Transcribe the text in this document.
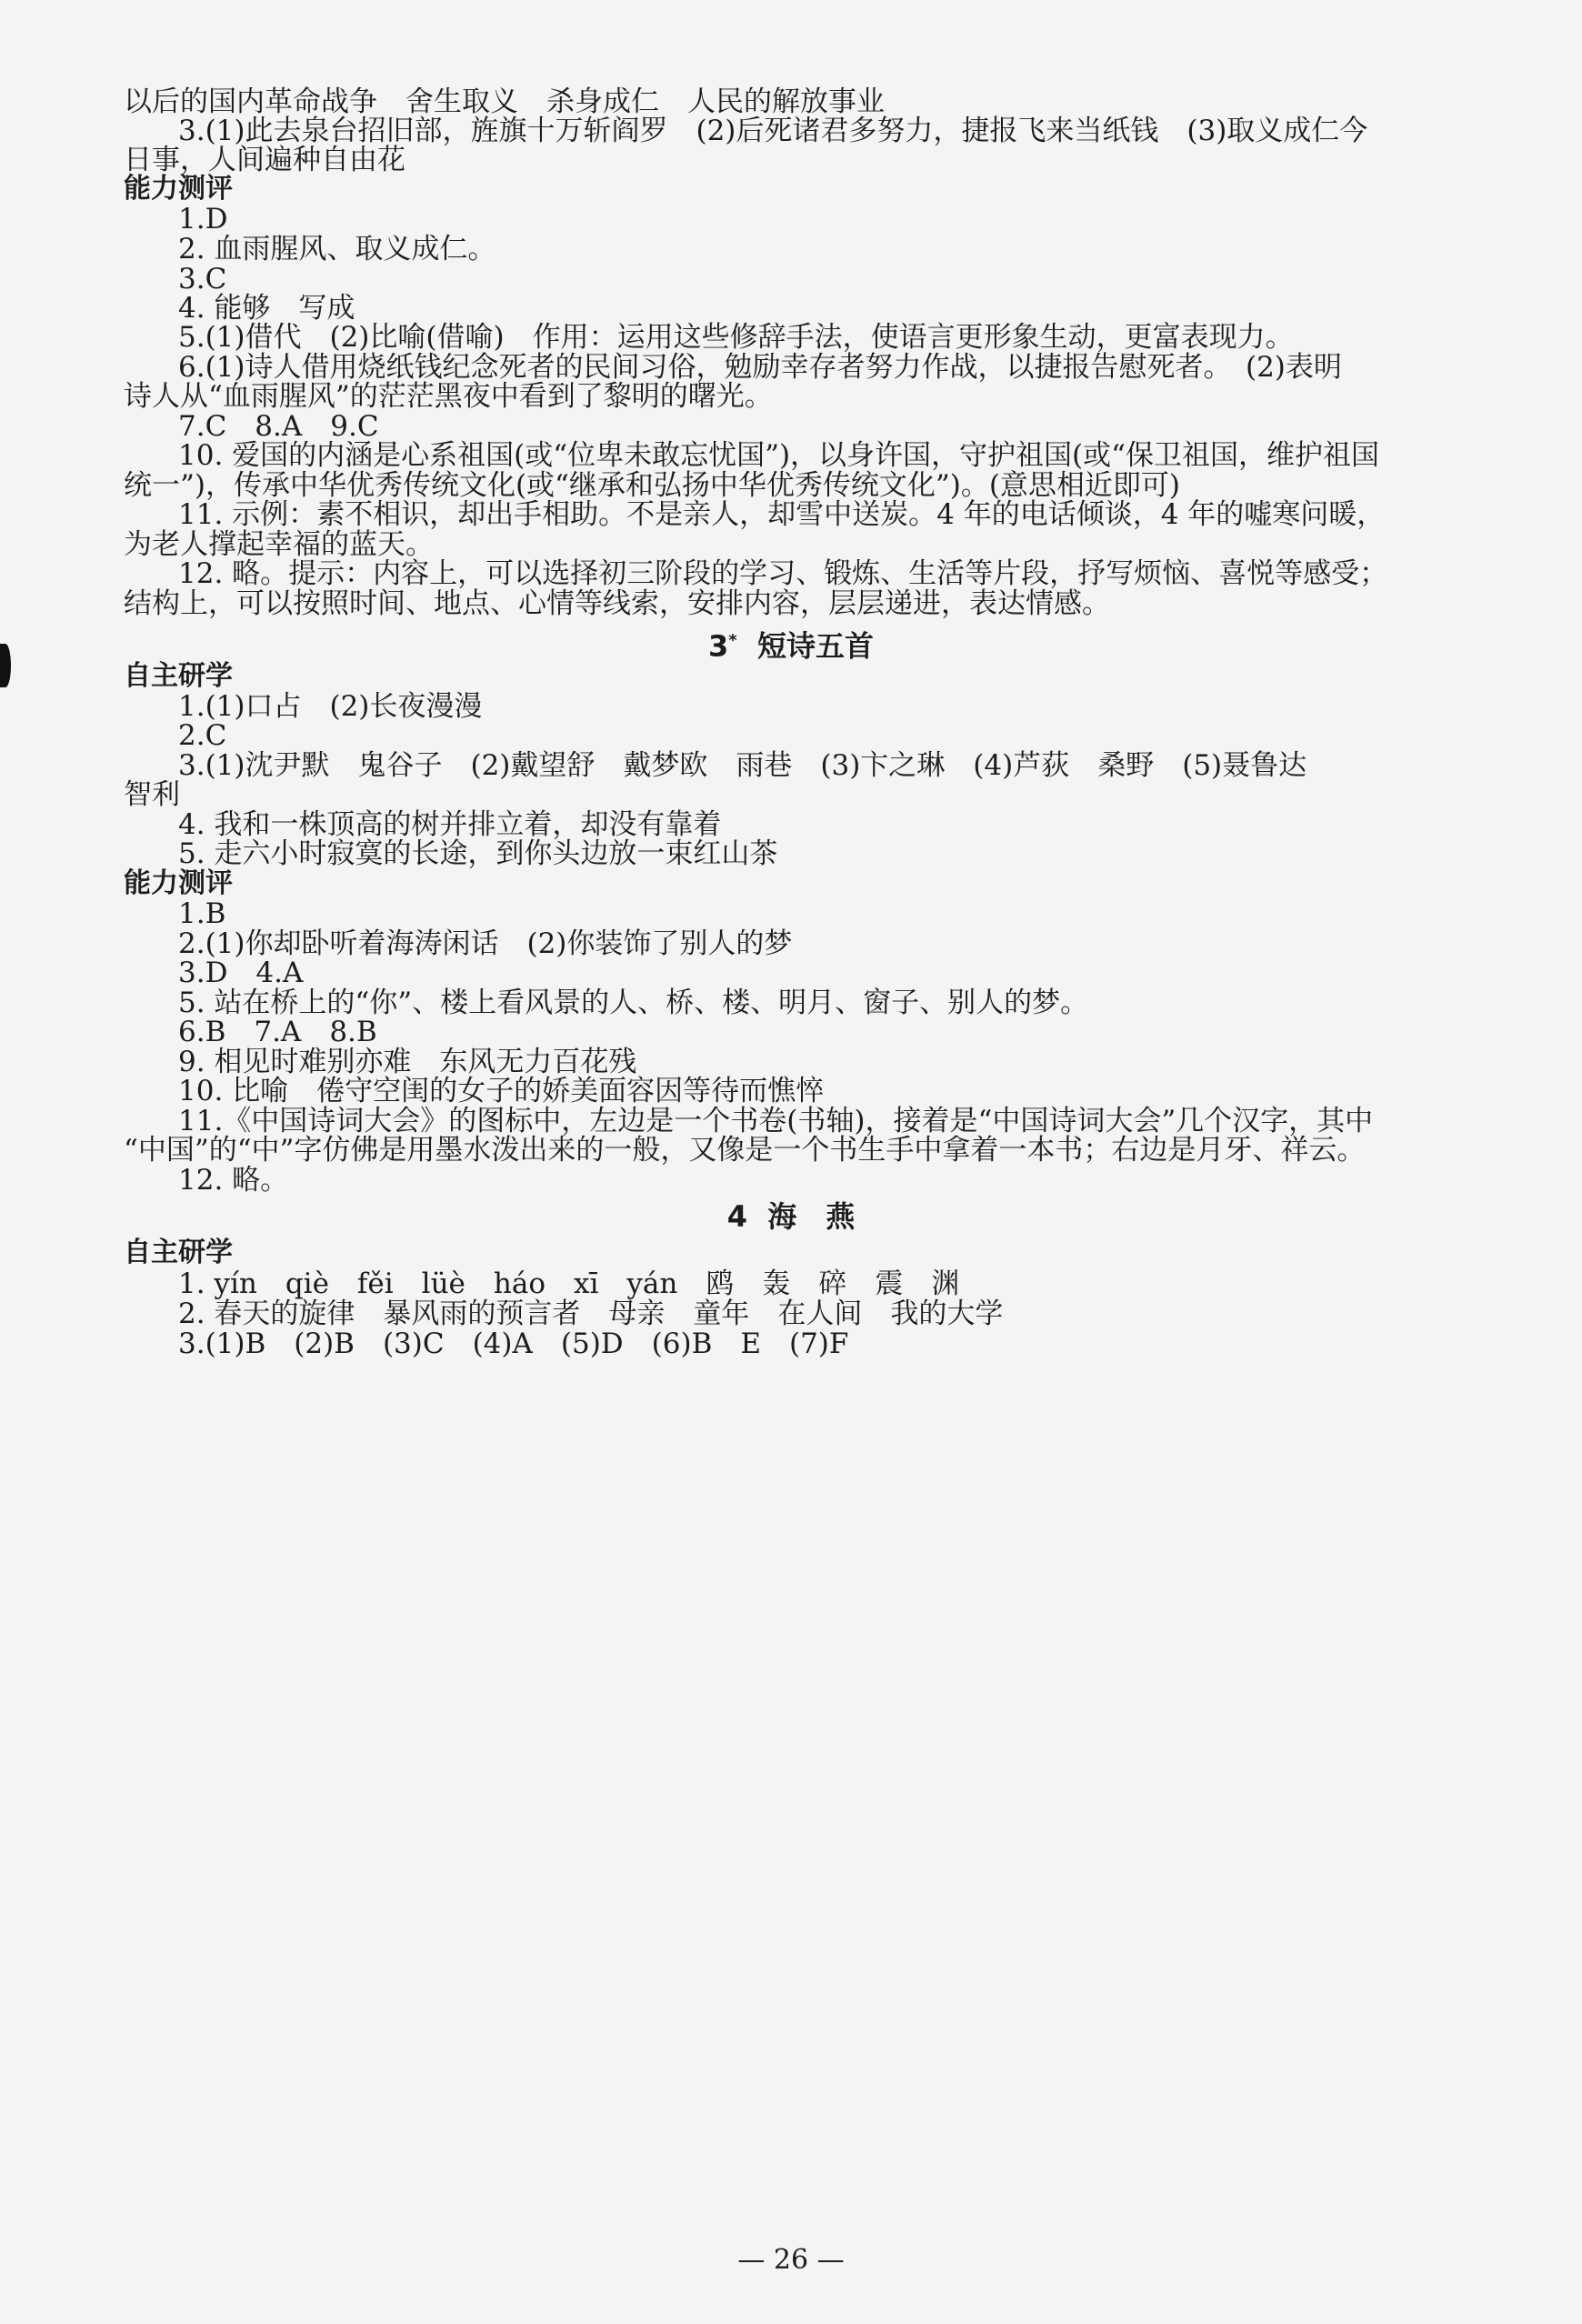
以后的国内革命战争　舍生取义　杀身成仁　人民的解放事业
3.(1)此去泉台招旧部，旌旗十万斩阎罗　(2)后死诸君多努力，捷报飞来当纸钱　(3)取义成仁今
日事，人间遍种自由花
能力测评
1.D
2. 血雨腥风、取义成仁。
3.C
4. 能够　写成
5.(1)借代　(2)比喻(借喻)　作用：运用这些修辞手法，使语言更形象生动，更富表现力。
6.(1)诗人借用烧纸钱纪念死者的民间习俗，勉励幸存者努力作战，以捷报告慰死者。　(2)表明
诗人从“血雨腥风”的茫茫黑夜中看到了黎明的曙光。
7.C　8.A　9.C
10. 爱国的内涵是心系祖国(或“位卑未敢忘忧国”)，以身许国，守护祖国(或“保卫祖国，维护祖国
统一”)，传承中华优秀传统文化(或“继承和弘扬中华优秀传统文化”)。(意思相近即可)
11. 示例：素不相识，却出手相助。不是亲人，却雪中送炭。4 年的电话倾谈，4 年的嘘寒问暖，
为老人撑起幸福的蓝天。
12. 略。提示：内容上，可以选择初三阶段的学习、锻炼、生活等片段，抒写烦恼、喜悦等感受；
结构上，可以按照时间、地点、心情等线索，安排内容，层层递进，表达情感。
3* 短诗五首
自主研学
1.(1)口占　(2)长夜漫漫
2.C
3.(1)沈尹默　鬼谷子　(2)戴望舒　戴梦欧　雨巷　(3)卞之琳　(4)芦荻　桑野　(5)聂鲁达
智利
4. 我和一株顶高的树并排立着，却没有靠着
5. 走六小时寂寞的长途，到你头边放一束红山茶
能力测评
1.B
2.(1)你却卧听着海涛闲话　(2)你装饰了别人的梦
3.D　4.A
5. 站在桥上的“你”、楼上看风景的人、桥、楼、明月、窗子、别人的梦。
6.B　7.A　8.B
9. 相见时难别亦难　东风无力百花残
10. 比喻　倦守空闺的女子的娇美面容因等待而憔悴
11.《中国诗词大会》的图标中，左边是一个书卷(书轴)，接着是“中国诗词大会”几个汉字，其中
“中国”的“中”字仿佛是用墨水泼出来的一般，又像是一个书生手中拿着一本书；右边是月牙、祥云。
12. 略。
4 海　燕
自主研学
1. yín　qiè　fěi　lüè　háo　xī　yán　鸥　轰　碎　震　渊
2. 春天的旋律　暴风雨的预言者　母亲　童年　在人间　我的大学
3.(1)B　(2)B　(3)C　(4)A　(5)D　(6)B　E　(7)F
— 26 —
